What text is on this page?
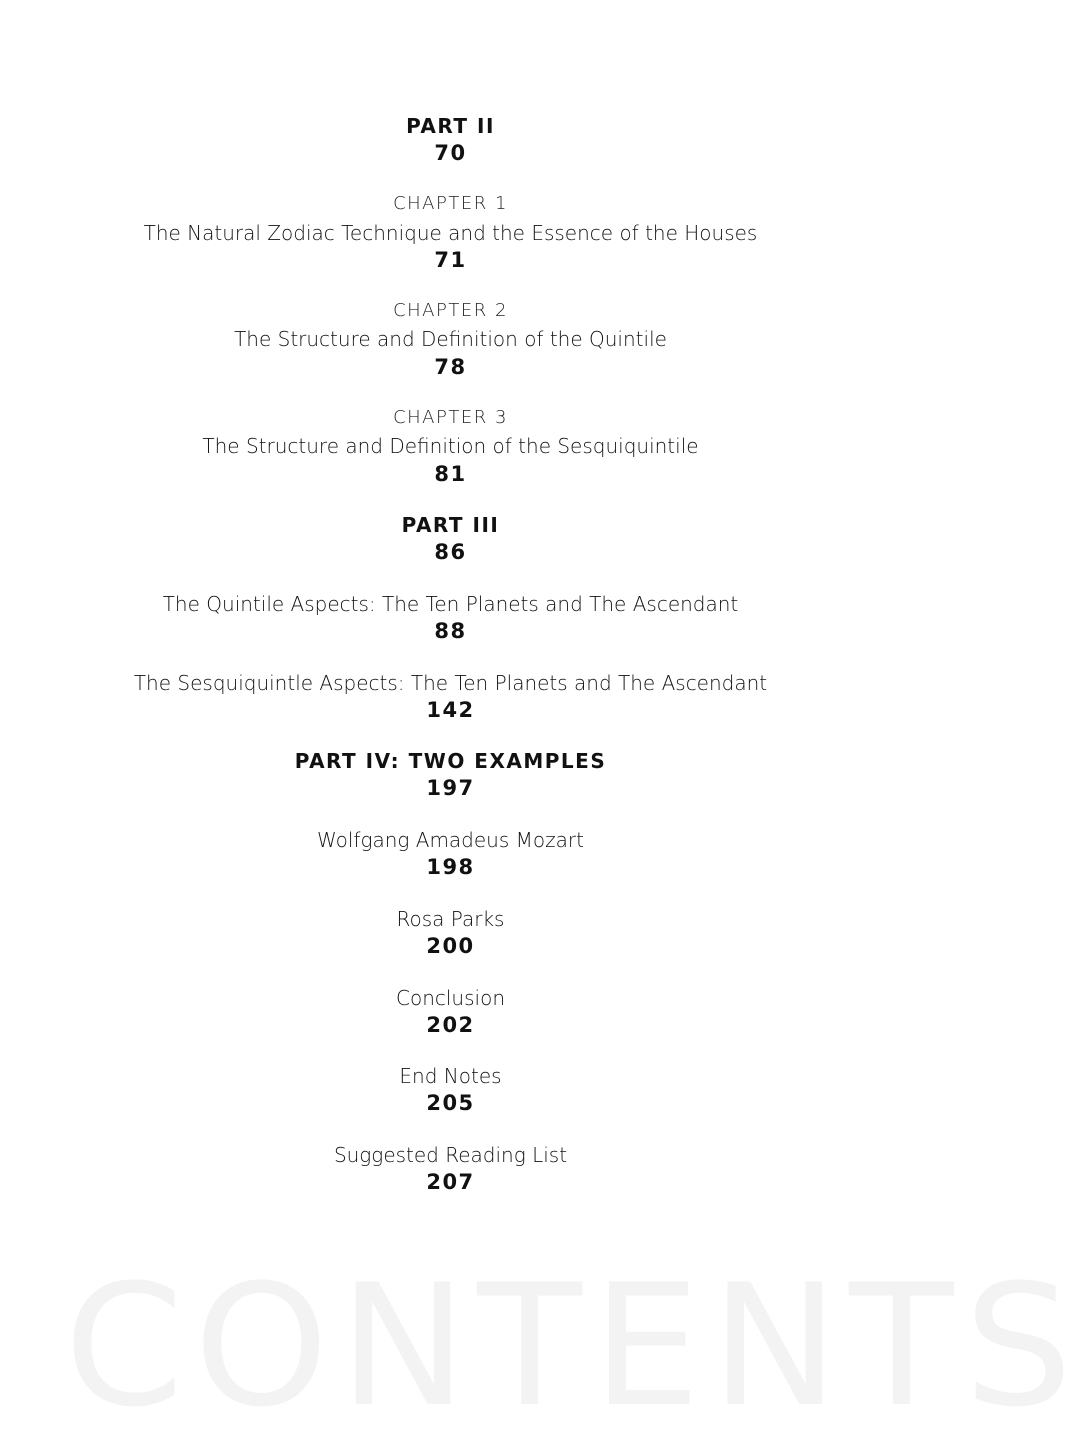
CONTENTS
PART II
70
CHAPTER 1
The Natural Zodiac Technique and the Essence of the Houses
71
CHAPTER 2
The Structure and Definition of the Quintile
78
CHAPTER 3
The Structure and Definition of the Sesquiquintile
81
PART III
86
The Quintile Aspects: The Ten Planets and The Ascendant
88
The Sesquiquintle Aspects: The Ten Planets and The Ascendant
142
PART IV: TWO EXAMPLES
197
Wolfgang Amadeus Mozart
198
Rosa Parks
200
Conclusion
202
End Notes
205
Suggested Reading List
207
